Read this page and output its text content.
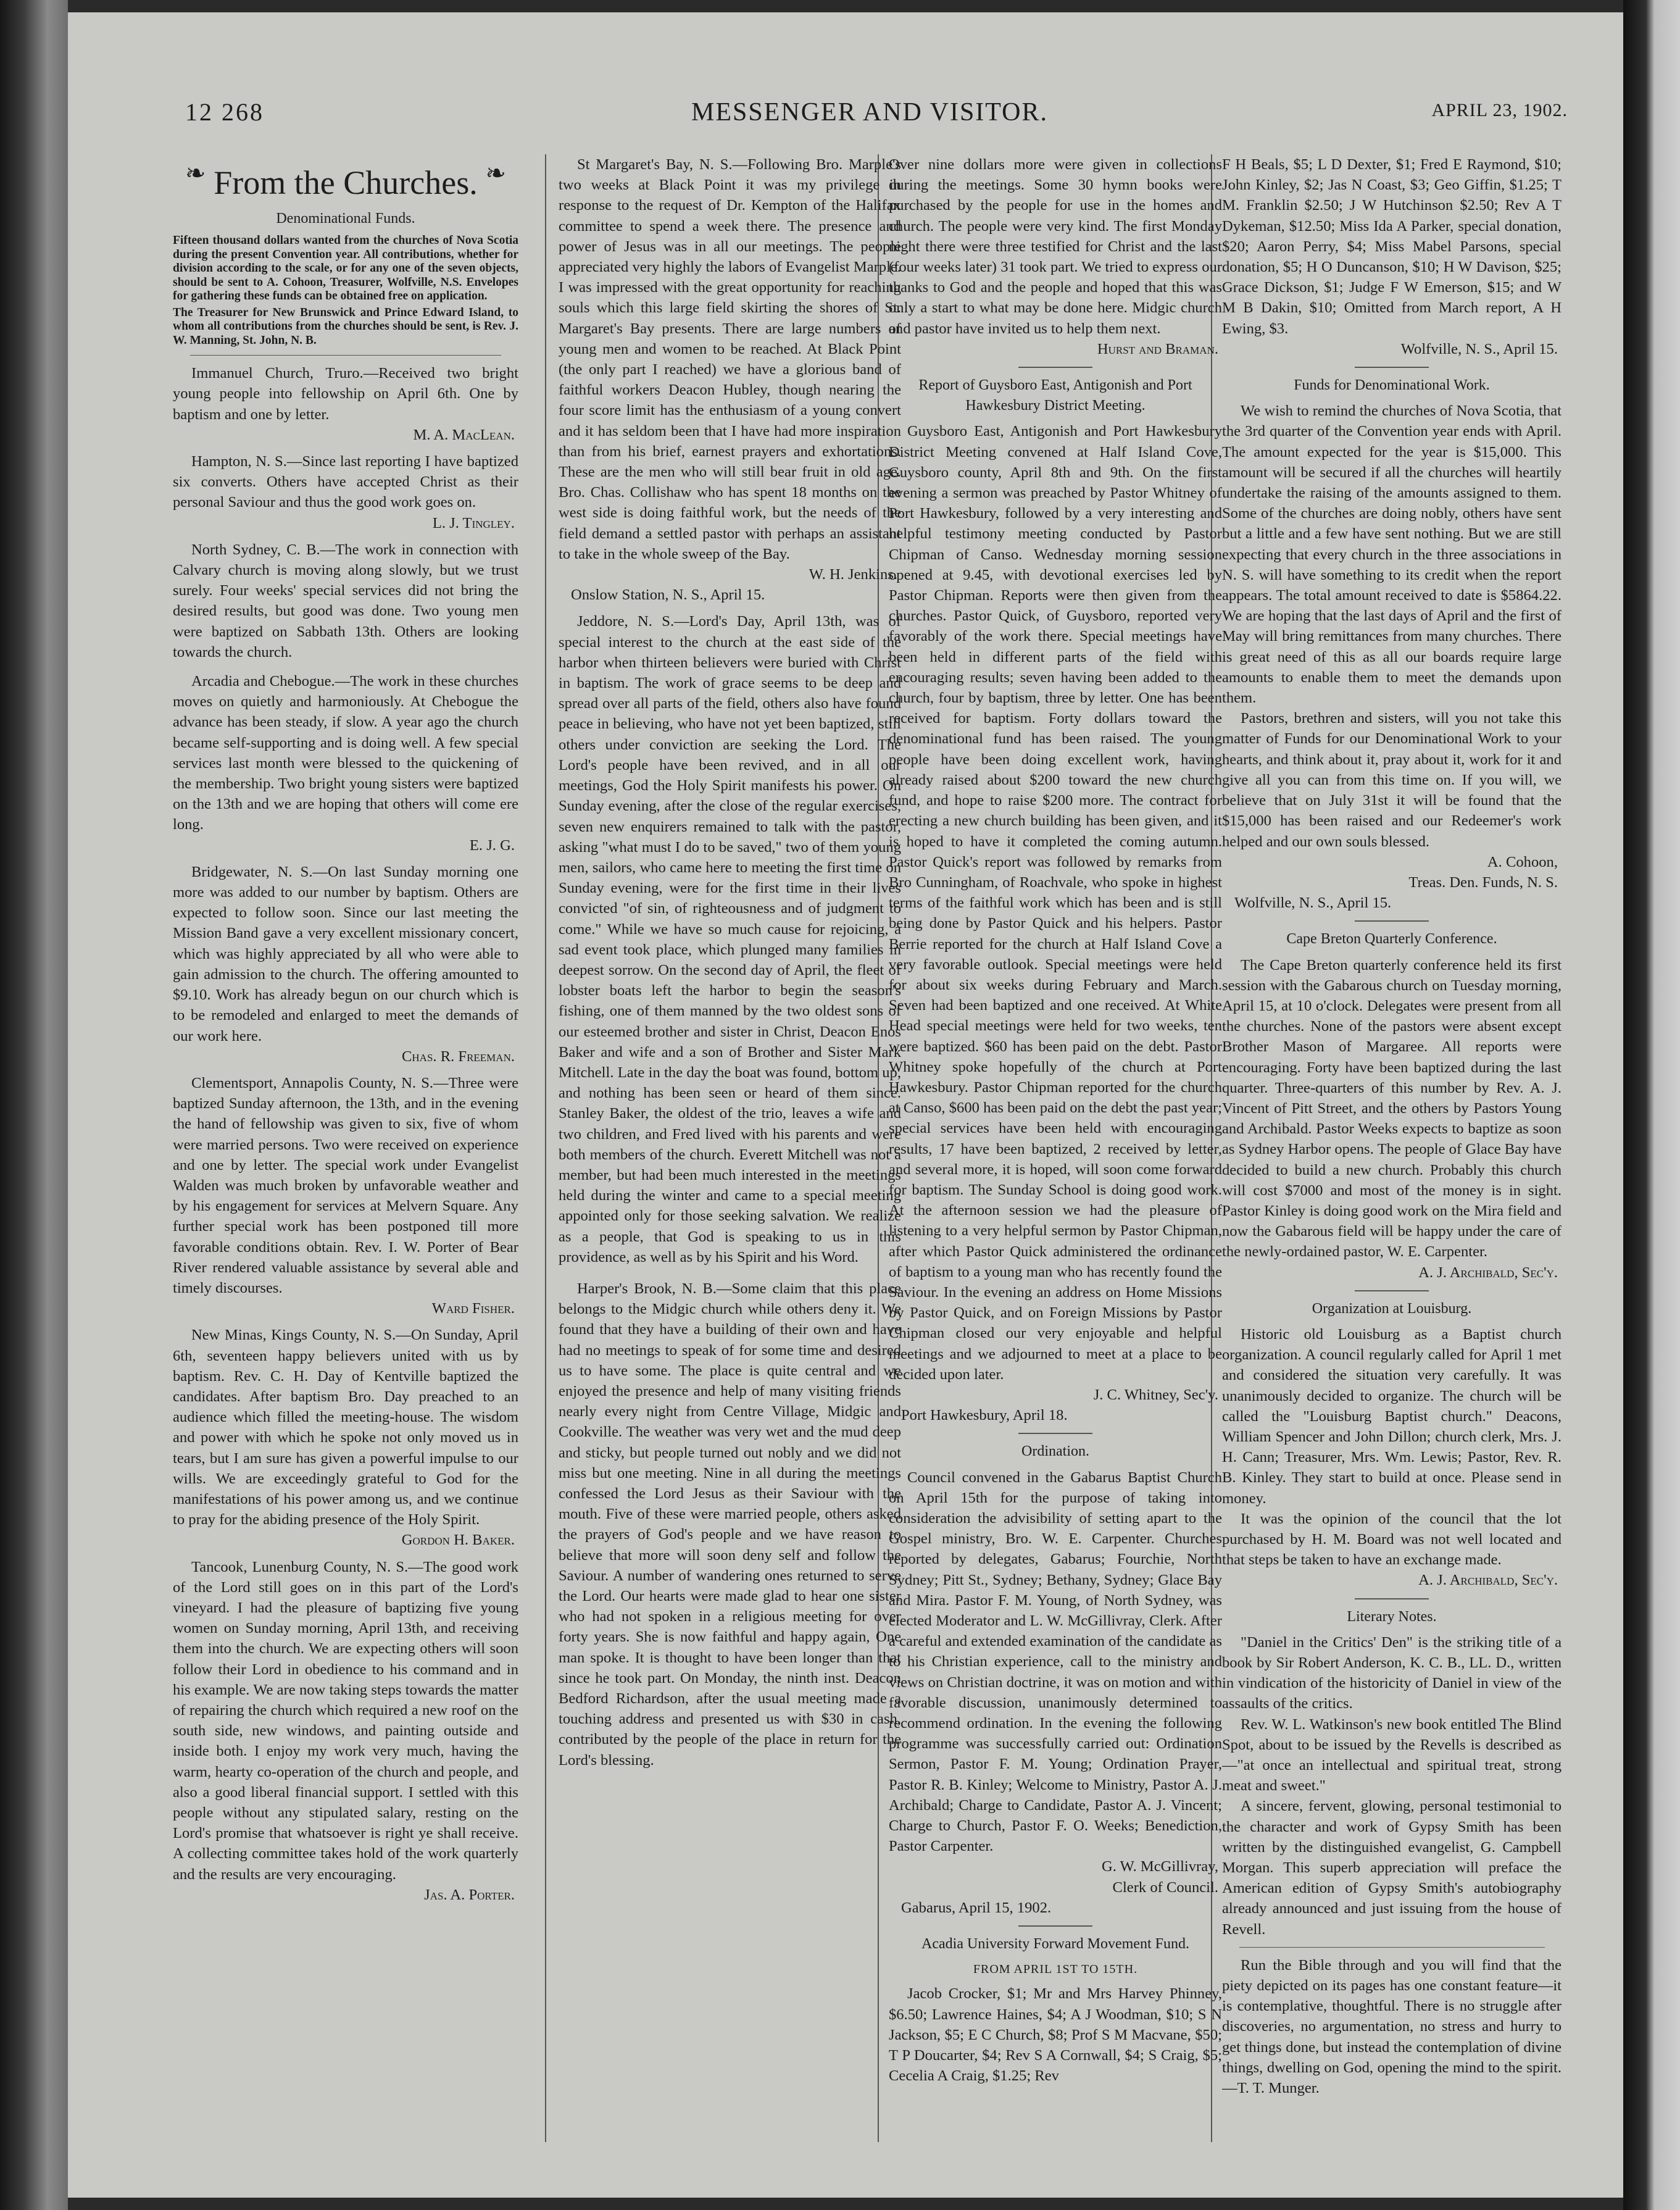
12 268	MESSENGER AND VISITOR.	APRIL 23, 1902.
❧ From the Churches. ❧
Denominational Funds.

Fifteen thousand dollars wanted from the churches of Nova Scotia during the present Convention year. All contributions, whether for division according to the scale, or for any one of the seven objects, should be sent to A. Cohoon, Treasurer, Wolfville, N.S. Envelopes for gathering these funds can be obtained free on application.

The Treasurer for New Brunswick and Prince Edward Island, to whom all contributions from the churches should be sent, is Rev. J. W. Manning, St. John, N. B.

Immanuel Church, Truro.—Received two bright young people into fellowship on April 6th. One by baptism and one by letter.

M. A. MacLean.

Hampton, N. S.—Since last reporting I have baptized six converts. Others have accepted Christ as their personal Saviour and thus the good work goes on.

L. J. Tingley.

North Sydney, C. B.—The work in connection with Calvary church is moving along slowly, but we trust surely. Four weeks' special services did not bring the desired results, but good was done. Two young men were baptized on Sabbath 13th. Others are looking towards the church.

Arcadia and Chebogue.—The work in these churches moves on quietly and harmoniously. At Chebogue the advance has been steady, if slow. A year ago the church became self-supporting and is doing well. A few special services last month were blessed to the quickening of the membership. Two bright young sisters were baptized on the 13th and we are hoping that others will come ere long.

E. J. G.

Bridgewater, N. S.—On last Sunday morning one more was added to our number by baptism. Others are expected to follow soon. Since our last meeting the Mission Band gave a very excellent missionary concert, which was highly appreciated by all who were able to gain admission to the church. The offering amounted to $9.10. Work has already begun on our church which is to be remodeled and enlarged to meet the demands of our work here.

Chas. R. Freeman.

Clementsport, Annapolis County, N. S.—Three were baptized Sunday afternoon, the 13th, and in the evening the hand of fellowship was given to six, five of whom were married persons. Two were received on experience and one by letter. The special work under Evangelist Walden was much broken by unfavorable weather and by his engagement for services at Melvern Square. Any further special work has been postponed till more favorable conditions obtain. Rev. I. W. Porter of Bear River rendered valuable assistance by several able and timely discourses.

Ward Fisher.

New Minas, Kings County, N. S.—On Sunday, April 6th, seventeen happy believers united with us by baptism. Rev. C. H. Day of Kentville baptized the candidates. After baptism Bro. Day preached to an audience which filled the meeting-house. The wisdom and power with which he spoke not only moved us in tears, but I am sure has given a powerful impulse to our wills. We are exceedingly grateful to God for the manifestations of his power among us, and we continue to pray for the abiding presence of the Holy Spirit.

Gordon H. Baker.

Tancook, Lunenburg County, N. S.—The good work of the Lord still goes on in this part of the Lord's vineyard. I had the pleasure of baptizing five young women on Sunday morning, April 13th, and receiving them into the church. We are expecting others will soon follow their Lord in obedience to his command and in his example. We are now taking steps towards the matter of repairing the church which required a new roof on the south side, new windows, and painting outside and inside both. I enjoy my work very much, having the warm, hearty co-operation of the church and people, and also a good liberal financial support. I settled with this people without any stipulated salary, resting on the Lord's promise that whatsoever is right ye shall receive. A collecting committee takes hold of the work quarterly and the results are very encouraging.

Jas. A. Porter.

St Margaret's Bay, N. S.—Following Bro. Marple's two weeks at Black Point it was my privilege in response to the request of Dr. Kempton of the Halifax committee to spend a week there. The presence and power of Jesus was in all our meetings. The people appreciated very highly the labors of Evangelist Marple. I was impressed with the great opportunity for reaching souls which this large field skirting the shores of St. Margaret's Bay presents. There are large numbers of young men and women to be reached. At Black Point (the only part I reached) we have a glorious band of faithful workers Deacon Hubley, though nearing the four score limit has the enthusiasm of a young convert and it has seldom been that I have had more inspiration than from his brief, earnest prayers and exhortations. These are the men who will still bear fruit in old age. Bro. Chas. Collishaw who has spent 18 months on the west side is doing faithful work, but the needs of the field demand a settled pastor with perhaps an assistant to take in the whole sweep of the Bay.

W. H. Jenkins.

Onslow Station, N. S., April 15.

Jeddore, N. S.—Lord's Day, April 13th, was of special interest to the church at the east side of the harbor when thirteen believers were buried with Christ in baptism. The work of grace seems to be deep and spread over all parts of the field, others also have found peace in believing, who have not yet been baptized, still others under conviction are seeking the Lord. The Lord's people have been revived, and in all our meetings, God the Holy Spirit manifests his power. On Sunday evening, after the close of the regular exercises, seven new enquirers remained to talk with the pastor, asking "what must I do to be saved," two of them young men, sailors, who came here to meeting the first time on Sunday evening, were for the first time in their lives convicted "of sin, of righteousness and of judgment to come." While we have so much cause for rejoicing, a sad event took place, which plunged many families in deepest sorrow. On the second day of April, the fleet of lobster boats left the harbor to begin the season's fishing, one of them manned by the two oldest sons of our esteemed brother and sister in Christ, Deacon Enos Baker and wife and a son of Brother and Sister Mark Mitchell. Late in the day the boat was found, bottom up, and nothing has been seen or heard of them since. Stanley Baker, the oldest of the trio, leaves a wife and two children, and Fred lived with his parents and were both members of the church. Everett Mitchell was not a member, but had been much interested in the meetings held during the winter and came to a special meeting appointed only for those seeking salvation. We realize as a people, that God is speaking to us in this providence, as well as by his Spirit and his Word.

Harper's Brook, N. B.—Some claim that this place belongs to the Midgic church while others deny it. We found that they have a building of their own and have had no meetings to speak of for some time and desired us to have some. The place is quite central and we enjoyed the presence and help of many visiting friends nearly every night from Centre Village, Midgic and Cookville. The weather was very wet and the mud deep and sticky, but people turned out nobly and we did not miss but one meeting. Nine in all during the meetings confessed the Lord Jesus as their Saviour with the mouth. Five of these were married people, others asked the prayers of God's people and we have reason to believe that more will soon deny self and follow the Saviour. A number of wandering ones returned to serve the Lord. Our hearts were made glad to hear one sister who had not spoken in a religious meeting for over forty years. She is now faithful and happy again, One man spoke. It is thought to have been longer than that since he took part. On Monday, the ninth inst. Deacon Bedford Richardson, after the usual meeting made a touching address and presented us with $30 in cash, contributed by the people of the place in return for the Lord's blessing.

Over nine dollars more were given in collections during the meetings. Some 30 hymn books were purchased by the people for use in the homes and church. The people were very kind. The first Monday night there were three testified for Christ and the last (four weeks later) 31 took part. We tried to express our thanks to God and the people and hoped that this was only a start to what may be done here. Midgic church and pastor have invited us to help them next.

Hurst and Braman.

Report of Guysboro East, Antigonish and Port Hawkesbury District Meeting.

Guysboro East, Antigonish and Port Hawkesbury District Meeting convened at Half Island Cove, Guysboro county, April 8th and 9th. On the first evening a sermon was preached by Pastor Whitney of Port Hawkesbury, followed by a very interesting and helpful testimony meeting conducted by Pastor Chipman of Canso. Wednesday morning session opened at 9.45, with devotional exercises led by Pastor Chipman. Reports were then given from the churches. Pastor Quick, of Guysboro, reported very favorably of the work there. Special meetings have been held in different parts of the field with encouraging results; seven having been added to the church, four by baptism, three by letter. One has been received for baptism. Forty dollars toward the denominational fund has been raised. The young people have been doing excellent work, having already raised about $200 toward the new church fund, and hope to raise $200 more. The contract for erecting a new church building has been given, and it is hoped to have it completed the coming autumn. Pastor Quick's report was followed by remarks from Bro Cunningham, of Roachvale, who spoke in highest terms of the faithful work which has been and is still being done by Pastor Quick and his helpers. Pastor Berrie reported for the church at Half Island Cove a very favorable outlook. Special meetings were held for about six weeks during February and March. Seven had been baptized and one received. At White Head special meetings were held for two weeks, ten were baptized. $60 has been paid on the debt. Pastor Whitney spoke hopefully of the church at Port Hawkesbury. Pastor Chipman reported for the church at Canso, $600 has been paid on the debt the past year; special services have been held with encouraging results, 17 have been baptized, 2 received by letter, and several more, it is hoped, will soon come forward for baptism. The Sunday School is doing good work. At the afternoon session we had the pleasure of listening to a very helpful sermon by Pastor Chipman, after which Pastor Quick administered the ordinance of baptism to a young man who has recently found the Saviour. In the evening an address on Home Missions by Pastor Quick, and on Foreign Missions by Pastor Chipman closed our very enjoyable and helpful meetings and we adjourned to meet at a place to be decided upon later.

J. C. Whitney, Sec'y.

Port Hawkesbury, April 18.

Ordination.

Council convened in the Gabarus Baptist Church on April 15th for the purpose of taking into consideration the advisibility of setting apart to the Gospel ministry, Bro. W. E. Carpenter. Churches reported by delegates, Gabarus; Fourchie, North Sydney; Pitt St., Sydney; Bethany, Sydney; Glace Bay and Mira. Pastor F. M. Young, of North Sydney, was elected Moderator and L. W. McGillivray, Clerk. After a careful and extended examination of the candidate as to his Christian experience, call to the ministry and views on Christian doctrine, it was on motion and with favorable discussion, unanimously determined to recommend ordination. In the evening the following programme was successfully carried out: Ordination Sermon, Pastor F. M. Young; Ordination Prayer, Pastor R. B. Kinley; Welcome to Ministry, Pastor A. J. Archibald; Charge to Candidate, Pastor A. J. Vincent; Charge to Church, Pastor F. O. Weeks; Benediction, Pastor Carpenter.

G. W. McGillivray,

Clerk of Council.

Gabarus, April 15, 1902.

Acadia University Forward Movement Fund.
FROM APRIL 1ST TO 15TH.

Jacob Crocker, $1; Mr and Mrs Harvey Phinney, $6.50; Lawrence Haines, $4; A J Woodman, $10; S N Jackson, $5; E C Church, $8; Prof S M Macvane, $50; T P Doucarter, $4; Rev S A Cornwall, $4; S Craig, $5; Cecelia A Craig, $1.25; Rev

F H Beals, $5; L D Dexter, $1; Fred E Raymond, $10; John Kinley, $2; Jas N Coast, $3; Geo Giffin, $1.25; T M. Franklin $2.50; J W Hutchinson $2.50; Rev A T Dykeman, $12.50; Miss Ida A Parker, special donation, $20; Aaron Perry, $4; Miss Mabel Parsons, special donation, $5; H O Duncanson, $10; H W Davison, $25; Grace Dickson, $1; Judge F W Emerson, $15; and W M B Dakin, $10; Omitted from March report, A H Ewing, $3.

Wolfville, N. S., April 15.

Funds for Denominational Work.

We wish to remind the churches of Nova Scotia, that the 3rd quarter of the Convention year ends with April. The amount expected for the year is $15,000. This amount will be secured if all the churches will heartily undertake the raising of the amounts assigned to them. Some of the churches are doing nobly, others have sent but a little and a few have sent nothing. But we are still expecting that every church in the three associations in N. S. will have something to its credit when the report appears. The total amount received to date is $5864.22. We are hoping that the last days of April and the first of May will bring remittances from many churches. There is great need of this as all our boards require large amounts to enable them to meet the demands upon them.

Pastors, brethren and sisters, will you not take this matter of Funds for our Denominational Work to your hearts, and think about it, pray about it, work for it and give all you can from this time on. If you will, we believe that on July 31st it will be found that the $15,000 has been raised and our Redeemer's work helped and our own souls blessed.

A. Cohoon,

Treas. Den. Funds, N. S.

Wolfville, N. S., April 15.

Cape Breton Quarterly Conference.

The Cape Breton quarterly conference held its first session with the Gabarous church on Tuesday morning, April 15, at 10 o'clock. Delegates were present from all the churches. None of the pastors were absent except Brother Mason of Margaree. All reports were encouraging. Forty have been baptized during the last quarter. Three-quarters of this number by Rev. A. J. Vincent of Pitt Street, and the others by Pastors Young and Archibald. Pastor Weeks expects to baptize as soon as Sydney Harbor opens. The people of Glace Bay have decided to build a new church. Probably this church will cost $7000 and most of the money is in sight. Pastor Kinley is doing good work on the Mira field and now the Gabarous field will be happy under the care of the newly-ordained pastor, W. E. Carpenter.

A. J. Archibald, Sec'y.

Organization at Louisburg.

Historic old Louisburg as a Baptist church organization. A council regularly called for April 1 met and considered the situation very carefully. It was unanimously decided to organize. The church will be called the "Louisburg Baptist church." Deacons, William Spencer and John Dillon; church clerk, Mrs. J. H. Cann; Treasurer, Mrs. Wm. Lewis; Pastor, Rev. R. B. Kinley. They start to build at once. Please send in money.

It was the opinion of the council that the lot purchased by H. M. Board was not well located and that steps be taken to have an exchange made.

A. J. Archibald, Sec'y.

Literary Notes.

"Daniel in the Critics' Den" is the striking title of a book by Sir Robert Anderson, K. C. B., LL. D., written in vindication of the historicity of Daniel in view of the assaults of the critics.

Rev. W. L. Watkinson's new book entitled The Blind Spot, about to be issued by the Revells is described as—"at once an intellectual and spiritual treat, strong meat and sweet."

A sincere, fervent, glowing, personal testimonial to the character and work of Gypsy Smith has been written by the distinguished evangelist, G. Campbell Morgan. This superb appreciation will preface the American edition of Gypsy Smith's autobiography already announced and just issuing from the house of Revell.

Run the Bible through and you will find that the piety depicted on its pages has one constant feature—it is contemplative, thoughtful. There is no struggle after discoveries, no argumentation, no stress and hurry to get things done, but instead the contemplation of divine things, dwelling on God, opening the mind to the spirit.—T. T. Munger.
